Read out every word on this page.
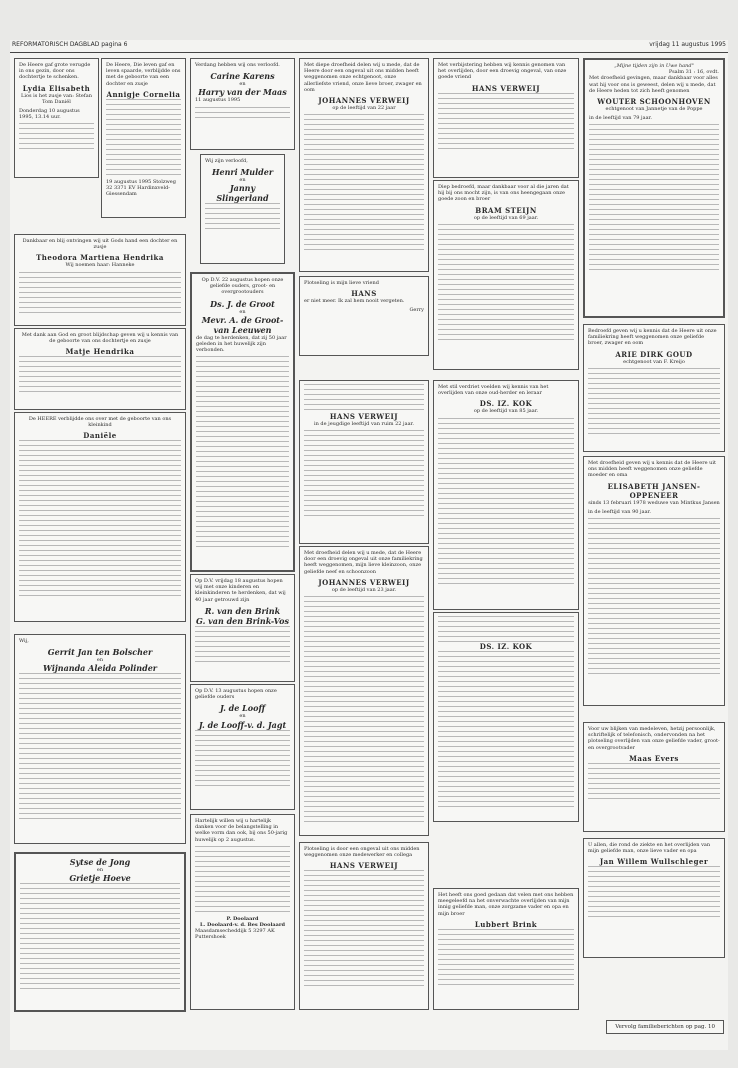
REFORMATORISCH DAGBLAD pagina 6	vrijdag 11 augustus 1995

De Heere gaf grote verugde in ons gezin, door ons dochtertje te schenken.

Lydia Elisabeth

Lios is het zusje van: Stefan Tom Daniël

Donderdag 10 augustus 1995, 13.14 uur.

De Heere, Die leven gaf en leven spaarde, verblijdde ons met de geboorte van een dochter en zusje

Annigje Cornelia

19 augustus 1995 Stolzweg 32 3371 EV Hardinxveld-Giessendam

Dankbaar en blij ontvingen wij uit Gods hand een dochter en zusje

Theodora Martiena Hendrika

Wij noemen haar: Hanneke

Met dank aan God en groot blijdschap geven wij u kennis van de geboorte van ons dochtertje en zusje

Matje Hendrika

De HEERE verblijdde ons over met de geboorte van ons kleinkind

Daniële

Wij,

Gerrit Jan ten Bolscher
en
Wijnanda Aleida Polinder
Sytse de Jong
en
Grietje Hoeve

Verdang hebben wij ons verloofd.

Carine Karens
en
Harry van der Maas

11 augustus 1995

Wij zijn verloofd,

Henri Mulder
en
Janny Slingerland

Op D.V. 22 augustus hopen onze geliefde ouders, groot- en overgrootouders

Ds. J. de Groot
en
Mevr. A. de Groot-van Leeuwen

de dag te herdenken, dat zij 50 jaar geleden in het huwelijk zijn verbonden.

Op D.V. vrijdag 18 augustus hopen wij met onze kinderen en kleinkinderen te herdenken, dat wij 40 jaar getrouwd zijn

R. van den Brink
G. van den Brink-Vos

Op D.V. 13 augustus hopen onze geliefde ouders

J. de Looff
en
J. de Looff-v. d. Jagt

Hartelijk willen wij u hartelijk danken voor de belangstelling in welke vorm dan ook, bij ons 50-jarig huwelijk op 2 augustus.

P. Doolaard
L. Doolaard-v. d. Bes Doolaard

Maasdamsecheddijk 5 3297 AK Puttershoek

Met diepe droefheid delen wij u mede, dat de Heere door een ongeval uit ons midden heeft weggenomen onze echtgenoot, onze allerliefste vriend, onze lieve broer, zwager en oom

JOHANNES VERWEIJ

op de leeftijd van 22 jaar

Plotseling is mijn lieve vriend

HANS

er niet meer. Ik zal hem nooit vergeten.

Gerry

HANS VERWEIJ

in de jeugdige leeftijd van ruim 22 jaar.

Met droefheid delen wij u mede, dat de Heere door een droevig ongeval uit onze familiekring heeft weggenomen, mijn lieve kleinzoon, onze geliefde neef en schoonzoon

JOHANNES VERWEIJ

op de leeftijd van 23 jaar.

Plotseling is door een ongeval uit ons midden weggenomen onze medewerker en collega

HANS VERWEIJ

Met verbijstering hebben wij kennis genomen van het overlijden, door een droevig ongeval, van onze goede vriend

HANS VERWEIJ

Diep bedroefd, maar dankbaar voor al die jaren dat hij bij ons mocht zijn, is van ons heengegaan onze goede zoon en broer

BRAM STEIJN

op de leeftijd van 69 jaar.

Met stil verdriet voelden wij kennis van het overlijden van onze oud-herder en leraar

DS. IZ. KOK

op de leeftijd van 85 jaar.

DS. IZ. KOK

Het heeft ons goed gedaan dat velen met ons hebben meegeleefd na het onverwachte overlijden van mijn innig geliefde man, onze zorgzame vader en opa en mijn broer

Lubbert Brink
„Mijne tijden zijn in Uwe hand"
Psalm 31 : 16, ovdt.

Met droefheid gevingen, maar dankbaar voor alles wat hij voor ons is geweest, delen wij u mede, dat de Heere heden tot zich heeft genomen

WOUTER SCHOONHOVEN

echtgenoot van Jannetje van de Poppe

in de leeftijd van 79 jaar.

Bedroefd geven wij u kennis dat de Heere uit onze familiekring heeft weggenomen onze geliefde broer, zwager en oom

ARIE DIRK GOUD

echtgenoot van F. Kreijo

Met droefheid geven wij u kennis dat de Heere uit ons midden heeft weggenomen onze geliefde moeder en oma

ELISABETH JANSEN-OPPENEER

sinds 13 februari 1978 weduwe van Mintkus Jansen

in de leeftijd van 90 jaar.

Voor uw blijken van medeleven, hetzij persoonlijk, schriftelijk of telefonisch, ondervonden na het plotseling overlijden van onze geliefde vader, groot- en overgrootvader

Maas Evers

U allen, die rond de ziekte en het overlijden van mijn geliefde man, onze lieve vader en opa

Jan Willem Wullschleger
Vervolg familieberichten op pag. 10
